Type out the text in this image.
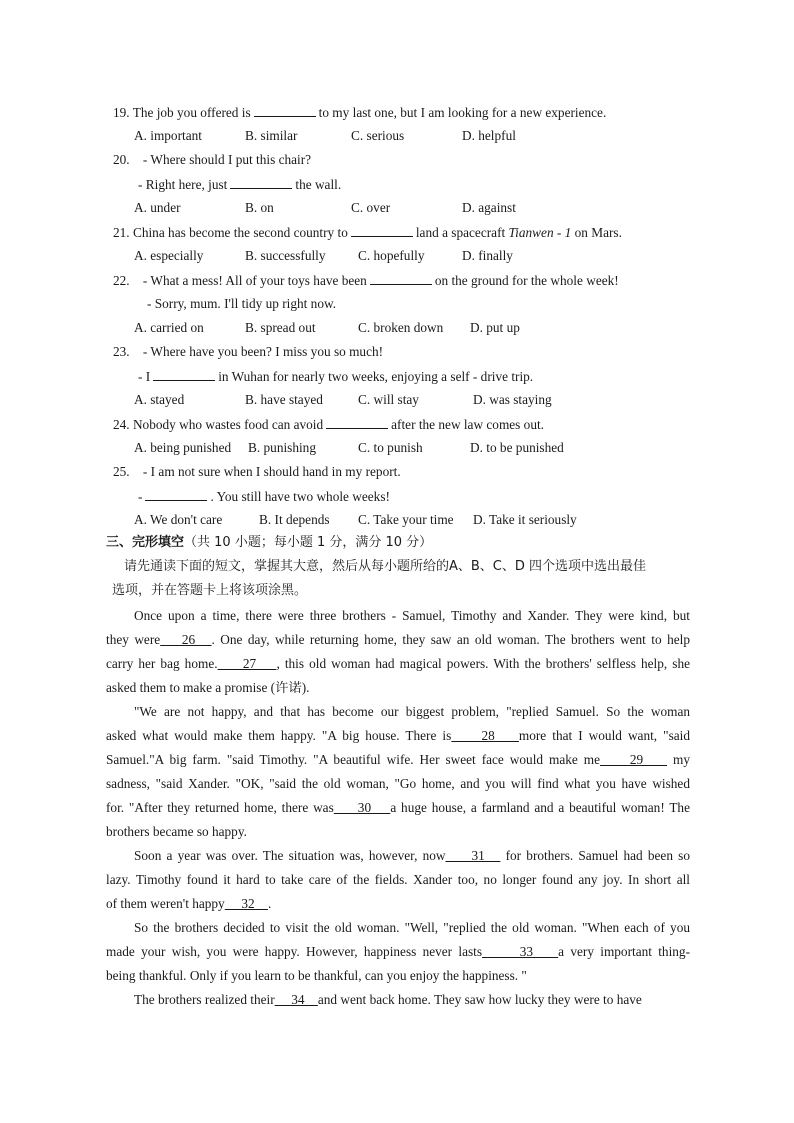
19. The job you offered is	to my last one, but I am looking for a new experience.
A. important	B. similar	C. serious	D. helpful
20. - Where should I put this chair?
- Right here, just	the wall.
A. under	B. on	C. over	D. against
21. China has become the second country to	land a spacecraft Tianwen - 1 on Mars.
A. especially	B. successfully C. hopefully	D. finally
22. - What a mess! All of your toys have been	on the ground for the whole week!
- Sorry, mum. I'll tidy up right now.
A. carried on	B. spread out	C. broken down D. put up
23. - Where have you been? I miss you so much!
- I	in Wuhan for nearly two weeks, enjoying a self - drive trip.
A. stayed	B. have stayed	C. will stay	D. was staying
24. Nobody who wastes food can avoid	after the new law comes out.
A. being punished B. punishing	C. to punish	D. to be punished
25. - I am not sure when I should hand in my report.
-	. You still have two whole weeks!
A. We don't care	B. It depends C. Take your time D. Take it seriously
三、完形填空（共 10 小题；每小题 1 分，满分 10 分）
请先通读下面的短文，掌握其大意，然后从每小题所给的A、B、C、D 四个选项中选出最佳
选项，并在答题卡上将该项涂黑。
Once upon a time, there were three brothers - Samuel, Timothy and Xander. They were kind, but
they were    26   . One day, while returning home, they saw an old woman. The brothers went to help
carry her bag home.     27    , this old woman had magical powers. With the brothers' selfless help, she
asked them to make a promise (许诺).
"We are not happy, and that has become our biggest problem, "replied Samuel. So the woman
asked what would make them happy. "A big house. There is     28    more that I would want, "said
Samuel."A big farm. "said Timothy. "A beautiful wife. Her sweet face would make me     29     my
sadness, "said Xander. "OK, "said the old woman, "Go home, and you will find what you have wished
for. "After they returned home, there was     30    a huge house, a farmland and a beautiful woman! The
brothers became so happy.
Soon a year was over. The situation was, however, now     31    for brothers. Samuel had been so
lazy. Timothy found it hard to take care of the fields. Xander too, no longer found any joy. In short all
of them weren't happy     32    .
So the brothers decided to visit the old woman. "Well, "replied the old woman. "When each of you
made your wish, you were happy. However, happiness never lasts      33    a very important thing-
being thankful. Only if you learn to be thankful, can you enjoy the happiness. "
The brothers realized their     34    and went back home. They saw how lucky they were to have
